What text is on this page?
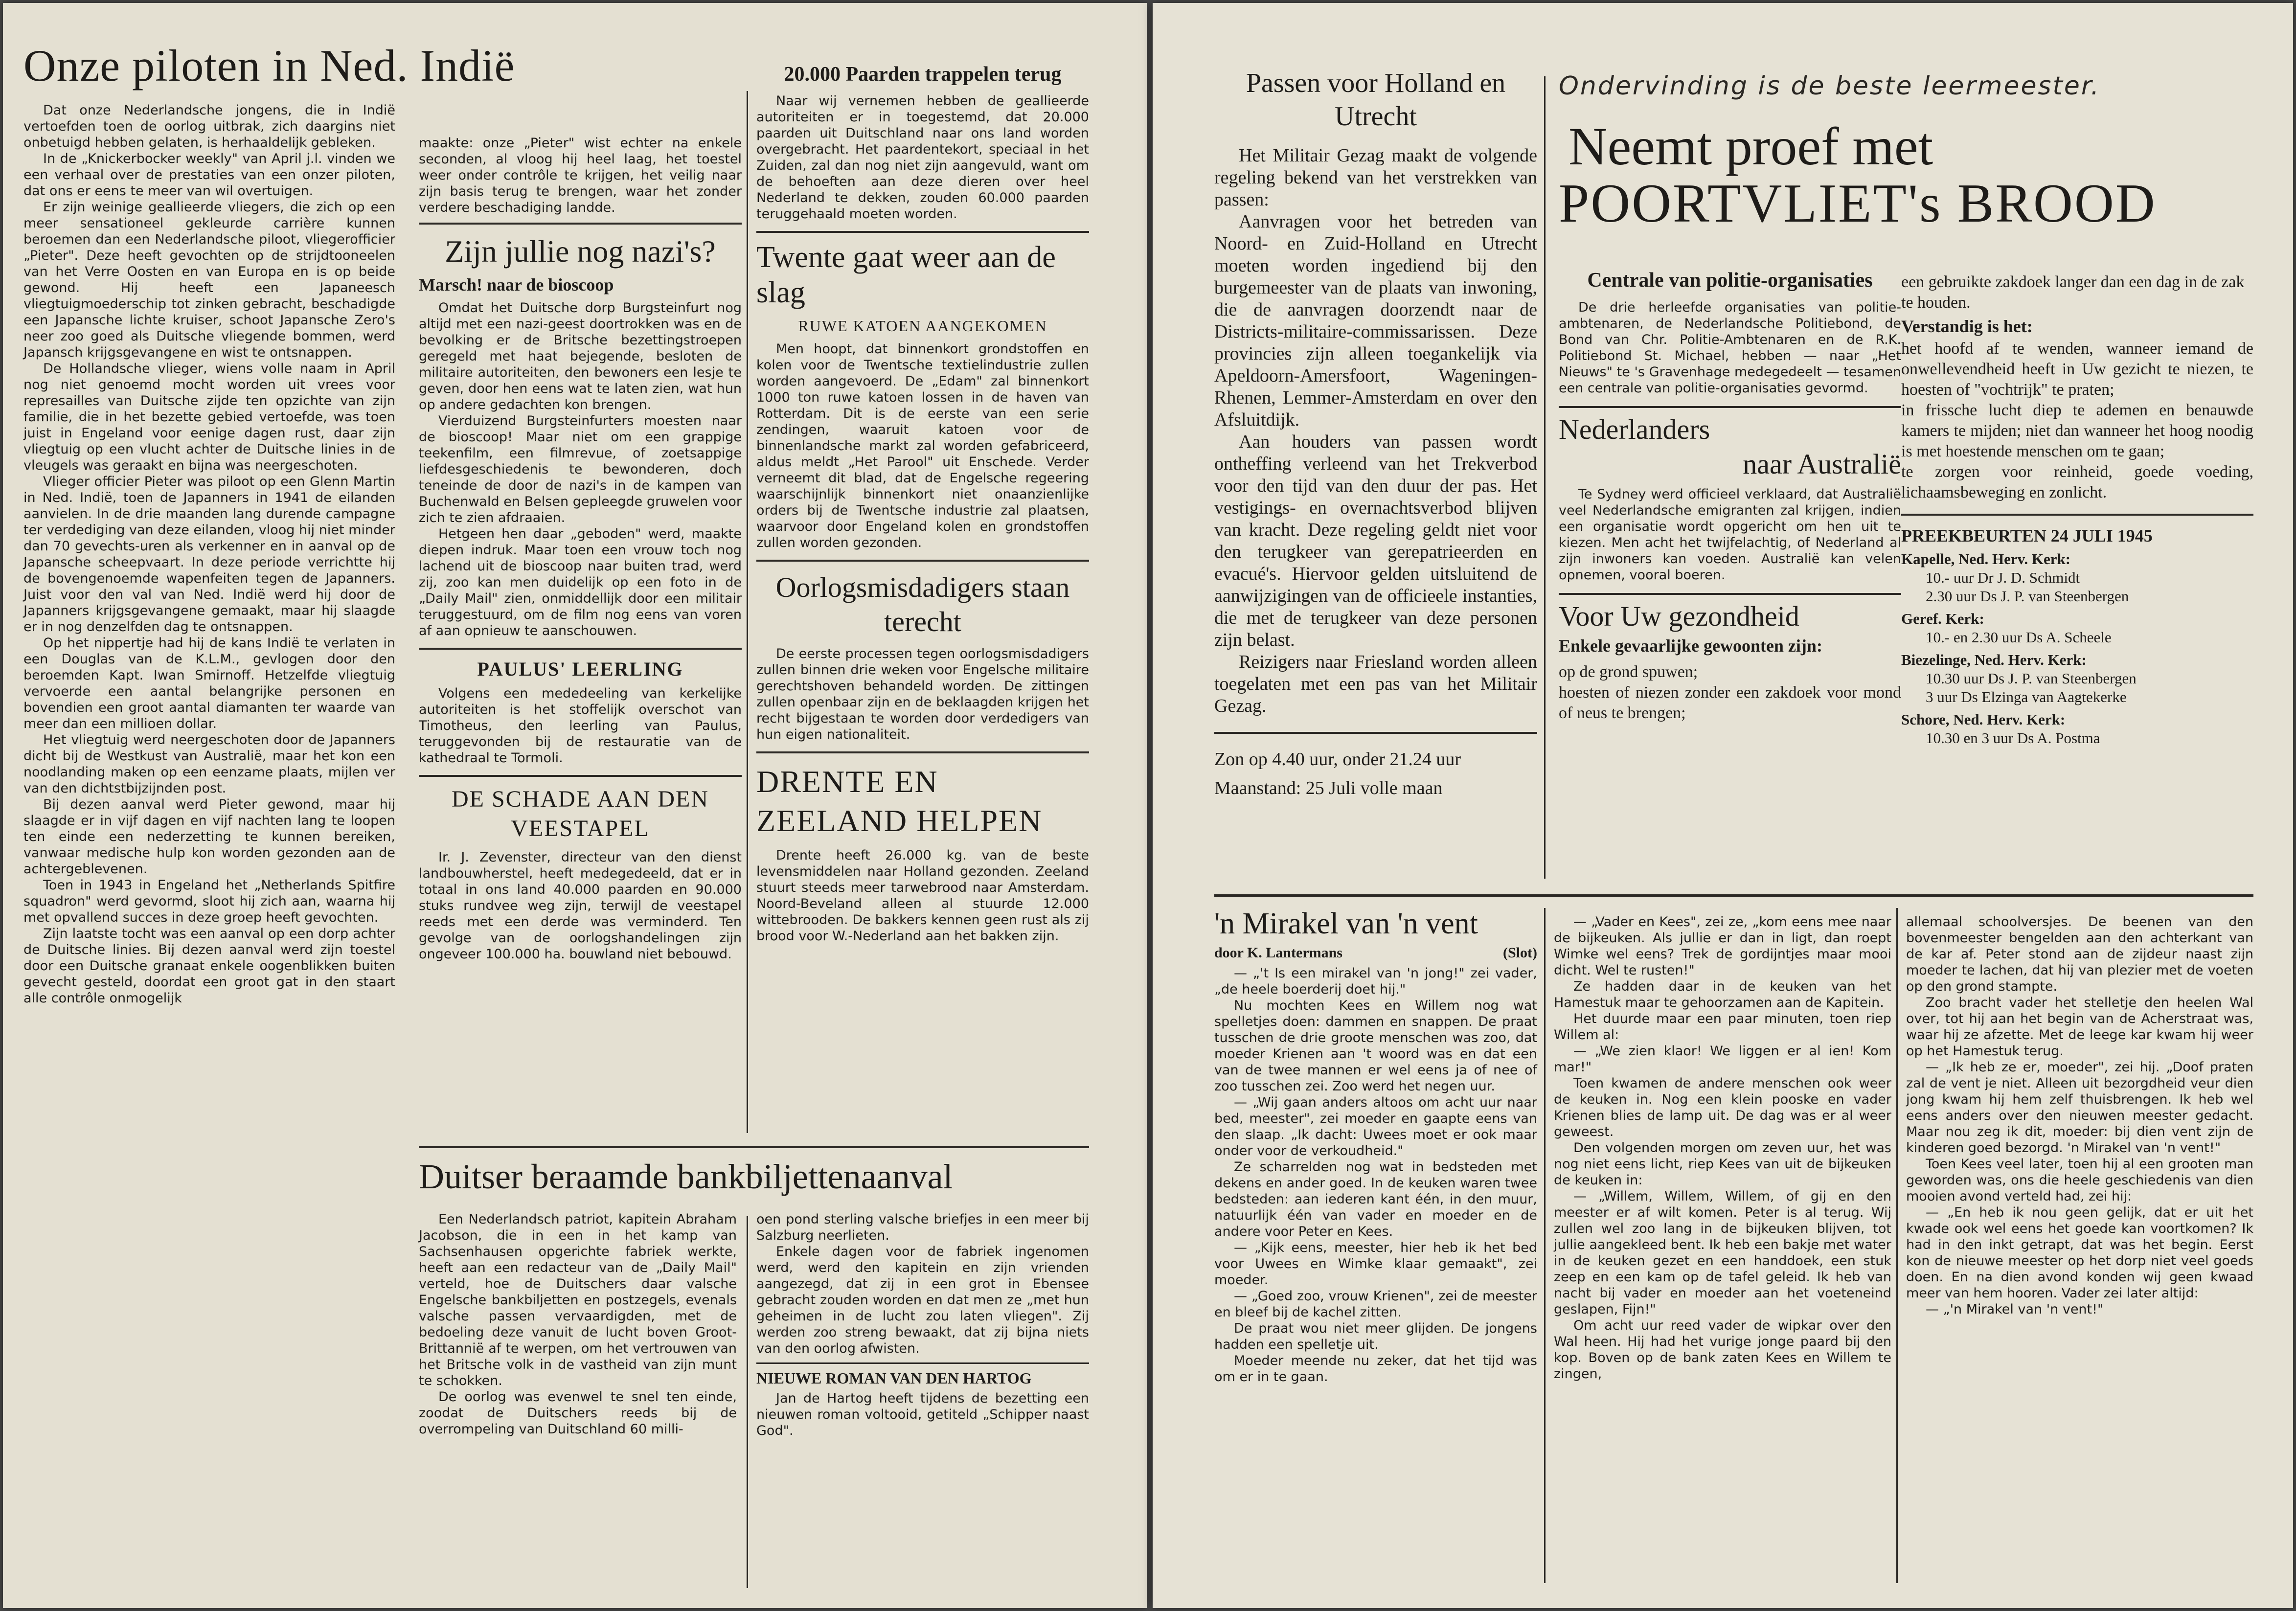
Onze piloten in Ned. Indië

Dat onze Nederlandsche jongens, die in Indië vertoefden toen de oorlog uitbrak, zich daargins niet onbetuigd hebben gelaten, is herhaaldelijk gebleken.

In de „Knickerbocker weekly" van April j.l. vinden we een verhaal over de prestaties van een onzer piloten, dat ons er eens te meer van wil overtuigen.

Er zijn weinige geallieerde vliegers, die zich op een meer sensationeel gekleurde carrière kunnen beroemen dan een Nederlandsche piloot, vliegerofficier „Pieter". Deze heeft gevochten op de strijdtooneelen van het Verre Oosten en van Europa en is op beide gewond. Hij heeft een Japaneesch vliegtuigmoederschip tot zinken gebracht, beschadigde een Japansche lichte kruiser, schoot Japansche Zero's neer zoo goed als Duitsche vliegende bommen, werd Japansch krijgsgevangene en wist te ontsnappen.

De Hollandsche vlieger, wiens volle naam in April nog niet genoemd mocht worden uit vrees voor represailles van Duitsche zijde ten opzichte van zijn familie, die in het bezette gebied vertoefde, was toen juist in Engeland voor eenige dagen rust, daar zijn vliegtuig op een vlucht achter de Duitsche linies in de vleugels was geraakt en bijna was neergeschoten.

Vlieger officier Pieter was piloot op een Glenn Martin in Ned. Indië, toen de Japanners in 1941 de eilanden aanvielen. In de drie maanden lang durende campagne ter verdediging van deze eilanden, vloog hij niet minder dan 70 gevechts-uren als verkenner en in aanval op de Japansche scheepvaart. In deze periode verrichtte hij de bovengenoemde wapenfeiten tegen de Japanners. Juist voor den val van Ned. Indië werd hij door de Japanners krijgsgevangene gemaakt, maar hij slaagde er in nog denzelfden dag te ontsnappen.

Op het nippertje had hij de kans Indië te verlaten in een Douglas van de K.L.M., gevlogen door den beroemden Kapt. Iwan Smirnoff. Hetzelfde vliegtuig vervoerde een aantal belangrijke personen en bovendien een groot aantal diamanten ter waarde van meer dan een millioen dollar.

Het vliegtuig werd neergeschoten door de Japanners dicht bij de Westkust van Australië, maar het kon een noodlanding maken op een eenzame plaats, mijlen ver van den dichtstbijzijnden post.

Bij dezen aanval werd Pieter gewond, maar hij slaagde er in vijf dagen en vijf nachten lang te loopen ten einde een nederzetting te kunnen bereiken, vanwaar medische hulp kon worden gezonden aan de achtergeblevenen.

Toen in 1943 in Engeland het „Netherlands Spitfire squadron" werd gevormd, sloot hij zich aan, waarna hij met opvallend succes in deze groep heeft gevochten.

Zijn laatste tocht was een aanval op een dorp achter de Duitsche linies. Bij dezen aanval werd zijn toestel door een Duitsche granaat enkele oogenblikken buiten gevecht gesteld, doordat een groot gat in den staart alle contrôle onmogelijk

maakte: onze „Pieter" wist echter na enkele seconden, al vloog hij heel laag, het toestel weer onder contrôle te krijgen, het veilig naar zijn basis terug te brengen, waar het zonder verdere beschadiging landde.

Zijn jullie nog nazi's?
Marsch! naar de bioscoop

Omdat het Duitsche dorp Burgsteinfurt nog altijd met een nazi-geest doortrokken was en de bevolking er de Britsche bezettingstroepen geregeld met haat bejegende, besloten de militaire autoriteiten, den bewoners een lesje te geven, door hen eens wat te laten zien, wat hun op andere gedachten kon brengen.

Vierduizend Burgsteinfurters moesten naar de bioscoop! Maar niet om een grappige teekenfilm, een filmrevue, of zoetsappige liefdesgeschiedenis te bewonderen, doch teneinde de door de nazi's in de kampen van Buchenwald en Belsen gepleegde gruwelen voor zich te zien afdraaien.

Hetgeen hen daar „geboden" werd, maakte diepen indruk. Maar toen een vrouw toch nog lachend uit de bioscoop naar buiten trad, werd zij, zoo kan men duidelijk op een foto in de „Daily Mail" zien, onmiddellijk door een militair teruggestuurd, om de film nog eens van voren af aan opnieuw te aanschouwen.

PAULUS' LEERLING

Volgens een mededeeling van kerkelijke autoriteiten is het stoffelijk overschot van Timotheus, den leerling van Paulus, teruggevonden bij de restauratie van de kathedraal te Tormoli.

DE SCHADE AAN DEN VEESTAPEL

Ir. J. Zevenster, directeur van den dienst landbouwherstel, heeft medegedeeld, dat er in totaal in ons land 40.000 paarden en 90.000 stuks rundvee weg zijn, terwijl de veestapel reeds met een derde was verminderd. Ten gevolge van de oorlogshandelingen zijn ongeveer 100.000 ha. bouwland niet bebouwd.

20.000 Paarden trappelen terug

Naar wij vernemen hebben de geallieerde autoriteiten er in toegestemd, dat 20.000 paarden uit Duitschland naar ons land worden overgebracht. Het paardentekort, speciaal in het Zuiden, zal dan nog niet zijn aangevuld, want om de behoeften aan deze dieren over heel Nederland te dekken, zouden 60.000 paarden teruggehaald moeten worden.

Twente gaat weer aan de slag
RUWE KATOEN AANGEKOMEN

Men hoopt, dat binnenkort grondstoffen en kolen voor de Twentsche textielindustrie zullen worden aangevoerd. De „Edam" zal binnenkort 1000 ton ruwe katoen lossen in de haven van Rotterdam. Dit is de eerste van een serie zendingen, waaruit katoen voor de binnenlandsche markt zal worden gefabriceerd, aldus meldt „Het Parool" uit Enschede. Verder verneemt dit blad, dat de Engelsche regeering waarschijnlijk binnenkort niet onaanzienlijke orders bij de Twentsche industrie zal plaatsen, waarvoor door Engeland kolen en grondstoffen zullen worden gezonden.

Oorlogsmisdadigers staan terecht

De eerste processen tegen oorlogsmisdadigers zullen binnen drie weken voor Engelsche militaire gerechtshoven behandeld worden. De zittingen zullen openbaar zijn en de beklaagden krijgen het recht bijgestaan te worden door verdedigers van hun eigen nationaliteit.

DRENTE EN ZEELAND HELPEN

Drente heeft 26.000 kg. van de beste levensmiddelen naar Holland gezonden. Zeeland stuurt steeds meer tarwebrood naar Amsterdam. Noord-Beveland alleen al stuurde 12.000 wittebrooden. De bakkers kennen geen rust als zij brood voor W.-Nederland aan het bakken zijn.

Duitser beraamde bankbiljettenaanval

Een Nederlandsch patriot, kapitein Abraham Jacobson, die in een in het kamp van Sachsenhausen opgerichte fabriek werkte, heeft aan een redacteur van de „Daily Mail" verteld, hoe de Duitschers daar valsche Engelsche bankbiljetten en postzegels, evenals valsche passen vervaardigden, met de bedoeling deze vanuit de lucht boven Groot-Brittannië af te werpen, om het vertrouwen van het Britsche volk in de vastheid van zijn munt te schokken.

De oorlog was evenwel te snel ten einde, zoodat de Duitschers reeds bij de overrompeling van Duitschland 60 milli-

oen pond sterling valsche briefjes in een meer bij Salzburg neerlieten.

Enkele dagen voor de fabriek ingenomen werd, werd den kapitein en zijn vrienden aangezegd, dat zij in een grot in Ebensee gebracht zouden worden en dat men ze „met hun geheimen in de lucht zou laten vliegen". Zij werden zoo streng bewaakt, dat zij bijna niets van den oorlog afwisten.

NIEUWE ROMAN VAN DEN HARTOG

Jan de Hartog heeft tijdens de bezetting een nieuwen roman voltooid, getiteld „Schipper naast God".

Passen voor Holland en Utrecht

Het Militair Gezag maakt de volgende regeling bekend van het verstrekken van passen:

Aanvragen voor het betreden van Noord- en Zuid-Holland en Utrecht moeten worden ingediend bij den burgemeester van de plaats van inwoning, die de aanvragen doorzendt naar de Districts-militaire-commissarissen. Deze provincies zijn alleen toegankelijk via Apeldoorn-Amersfoort, Wageningen-Rhenen, Lemmer-Amsterdam en over den Afsluitdijk.

Aan houders van passen wordt ontheffing verleend van het Trekverbod voor den tijd van den duur der pas. Het vestigings- en overnachtsverbod blijven van kracht. Deze regeling geldt niet voor den terugkeer van gerepatrieerden en evacué's. Hiervoor gelden uitsluitend de aanwijzigingen van de officieele instanties, die met de terugkeer van deze personen zijn belast.

Reizigers naar Friesland worden alleen toegelaten met een pas van het Militair Gezag.

Zon op 4.40 uur, onder 21.24 uur
Maanstand: 25 Juli volle maan
Ondervinding is de beste leermeester.
Neemt proef met
POORTVLIET's BROOD
Centrale van politie-organisaties

De drie herleefde organisaties van politie-ambtenaren, de Nederlandsche Politiebond, de Bond van Chr. Politie-Ambtenaren en de R.K. Politiebond St. Michael, hebben — naar „Het Nieuws" te 's Gravenhage medegedeelt — tesamen een centrale van politie-organisaties gevormd.

Nederlanders
naar Australië

Te Sydney werd officieel verklaard, dat Australië veel Nederlandsche emigranten zal krijgen, indien een organisatie wordt opgericht om hen uit te kiezen. Men acht het twijfelachtig, of Nederland al zijn inwoners kan voeden. Australië kan velen opnemen, vooral boeren.

Voor Uw gezondheid
Enkele gevaarlijke gewoonten zijn:

op de grond spuwen;

hoesten of niezen zonder een zakdoek voor mond of neus te brengen;

een gebruikte zakdoek langer dan een dag in de zak te houden.

Verstandig is het:

het hoofd af te wenden, wanneer iemand de onwellevendheid heeft in Uw gezicht te niezen, te hoesten of "vochtrijk" te praten;

in frissche lucht diep te ademen en benauwde kamers te mijden; niet dan wanneer het hoog noodig is met hoestende menschen om te gaan;

te zorgen voor reinheid, goede voeding, lichaamsbeweging en zonlicht.

PREEKBEURTEN 24 JULI 1945
Kapelle, Ned. Herv. Kerk:
10.- uur Dr J. D. Schmidt
2.30 uur Ds J. P. van Steenbergen
Geref. Kerk:
10.- en 2.30 uur Ds A. Scheele
Biezelinge, Ned. Herv. Kerk:
10.30 uur Ds J. P. van Steenbergen
3 uur Ds Elzinga van Aagtekerke
Schore, Ned. Herv. Kerk:
10.30 en 3 uur Ds A. Postma
'n Mirakel van 'n vent
door K. Lantermans	(Slot)

— „'t Is een mirakel van 'n jong!" zei vader, „de heele boerderij doet hij."

Nu mochten Kees en Willem nog wat spelletjes doen: dammen en snappen. De praat tusschen de drie groote menschen was zoo, dat moeder Krienen aan 't woord was en dat een van de twee mannen er wel eens ja of nee of zoo tusschen zei. Zoo werd het negen uur.

— „Wij gaan anders altoos om acht uur naar bed, meester", zei moeder en gaapte eens van den slaap. „Ik dacht: Uwees moet er ook maar onder voor de verkoudheid."

Ze scharrelden nog wat in bedsteden met dekens en ander goed. In de keuken waren twee bedsteden: aan iederen kant één, in den muur, natuurlijk één van vader en moeder en de andere voor Peter en Kees.

— „Kijk eens, meester, hier heb ik het bed voor Uwees en Wimke klaar gemaakt", zei moeder.

— „Goed zoo, vrouw Krienen", zei de meester en bleef bij de kachel zitten.

De praat wou niet meer glijden. De jongens hadden een spelletje uit.

Moeder meende nu zeker, dat het tijd was om er in te gaan.

— „Vader en Kees", zei ze, „kom eens mee naar de bijkeuken. Als jullie er dan in ligt, dan roept Wimke wel eens? Trek de gordijntjes maar mooi dicht. Wel te rusten!"

Ze hadden daar in de keuken van het Hamestuk maar te gehoorzamen aan de Kapitein.

Het duurde maar een paar minuten, toen riep Willem al:

— „We zien klaor! We liggen er al ien! Kom mar!"

Toen kwamen de andere menschen ook weer de keuken in. Nog een klein pooske en vader Krienen blies de lamp uit. De dag was er al weer geweest.

Den volgenden morgen om zeven uur, het was nog niet eens licht, riep Kees van uit de bijkeuken de keuken in:

— „Willem, Willem, Willem, of gij en den meester er af wilt komen. Peter is al terug. Wij zullen wel zoo lang in de bijkeuken blijven, tot jullie aangekleed bent. Ik heb een bakje met water in de keuken gezet en een handdoek, een stuk zeep en een kam op de tafel geleid. Ik heb van nacht bij vader en moeder aan het voeteneind geslapen, Fijn!"

Om acht uur reed vader de wipkar over den Wal heen. Hij had het vurige jonge paard bij den kop. Boven op de bank zaten Kees en Willem te zingen,

allemaal schoolversjes. De beenen van den bovenmeester bengelden aan den achterkant van de kar af. Peter stond aan de zijdeur naast zijn moeder te lachen, dat hij van plezier met de voeten op den grond stampte.

Zoo bracht vader het stelletje den heelen Wal over, tot hij aan het begin van de Acherstraat was, waar hij ze afzette. Met de leege kar kwam hij weer op het Hamestuk terug.

— „Ik heb ze er, moeder", zei hij. „Doof praten zal de vent je niet. Alleen uit bezorgdheid veur dien jong kwam hij hem zelf thuisbrengen. Ik heb wel eens anders over den nieuwen meester gedacht. Maar nou zeg ik dit, moeder: bij dien vent zijn de kinderen goed bezorgd. 'n Mirakel van 'n vent!"

Toen Kees veel later, toen hij al een grooten man geworden was, ons die heele geschiedenis van dien mooien avond verteld had, zei hij:

— „En heb ik nou geen gelijk, dat er uit het kwade ook wel eens het goede kan voortkomen? Ik had in den inkt getrapt, dat was het begin. Eerst kon de nieuwe meester op het dorp niet veel goeds doen. En na dien avond konden wij geen kwaad meer van hem hooren. Vader zei later altijd:

— „'n Mirakel van 'n vent!"
